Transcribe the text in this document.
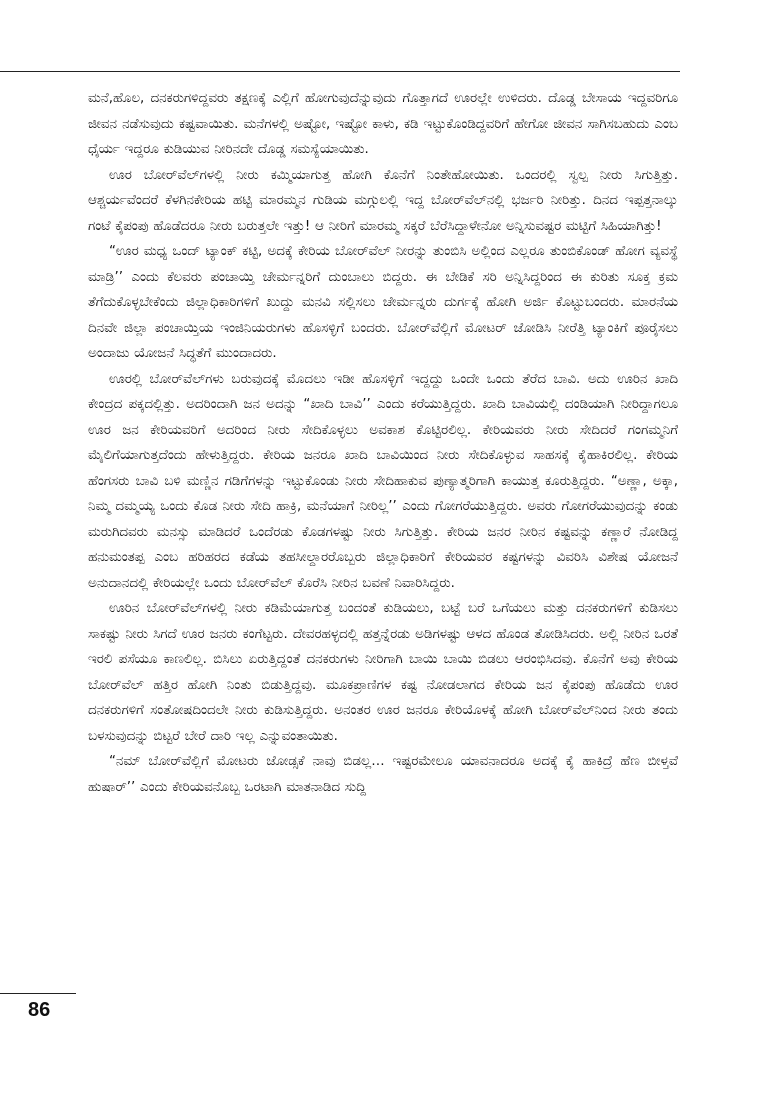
ಮನೆ,ಹೊಲ, ದನಕರುಗಳಿದ್ದವರು ತಕ್ಷಣಕ್ಕೆ ಎಲ್ಲಿಗೆ ಹೋಗುವುದೆನ್ನುವುದು ಗೊತ್ತಾಗದೆ ಊರಲ್ಲೇ ಉಳಿದರು. ದೊಡ್ಡ ಬೇಸಾಯ ಇದ್ದವರಿಗೂ ಜೀವನ ನಡೆಸುವುದು ಕಷ್ಟವಾಯಿತು. ಮನೆಗಳಲ್ಲಿ ಅಷ್ಟೋ, ಇಷ್ಟೋ ಕಾಳು, ಕಡಿ ಇಟ್ಟುಕೊಂಡಿದ್ದವರಿಗೆ ಹೇಗೋ ಜೀವನ ಸಾಗಿಸಬಹುದು ಎಂಬ ಧೈರ್ಯ ಇದ್ದರೂ ಕುಡಿಯುವ ನೀರಿನದೇ ದೊಡ್ಡ ಸಮಸ್ಯೆಯಾಯಿತು.

ಊರ ಬೋರ್‌ವೆಲ್‌ಗಳಲ್ಲಿ ನೀರು ಕಮ್ಮಿಯಾಗುತ್ತ ಹೋಗಿ ಕೊನೆಗೆ ನಿಂತೇಹೋಯಿತು. ಒಂದರಲ್ಲಿ ಸ್ವಲ್ಪ ನೀರು ಸಿಗುತ್ತಿತ್ತು. ಆಶ್ಚರ್ಯವೆಂದರೆ ಕೆಳಗಿನಕೇರಿಯ ಹಟ್ಟಿ ಮಾರಮ್ಮನ ಗುಡಿಯ ಮಗ್ಗುಲಲ್ಲಿ ಇದ್ದ ಬೋರ್‌ವೆಲ್‌ನಲ್ಲಿ ಭರ್ಜರಿ ನೀರಿತ್ತು. ದಿನದ ಇಪ್ಪತ್ತನಾಲ್ಕು ಗಂಟೆ ಕೈಪಂಪು ಹೊಡೆದರೂ ನೀರು ಬರುತ್ತಲೇ ಇತ್ತು! ಆ ನೀರಿಗೆ ಮಾರಮ್ಮ ಸಕ್ಕರೆ ಬೆರೆಸಿದ್ದಾಳೇನೋ ಅನ್ನಿಸುವಷ್ಟರ ಮಟ್ಟಿಗೆ ಸಿಹಿಯಾಗಿತ್ತು!

“ಊರ ಮಧ್ಯ ಒಂದ್ ಟ್ಯಾಂಕ್ ಕಟ್ಟಿ, ಅದಕ್ಕೆ ಕೇರಿಯ ಬೋರ್‌ವೆಲ್ ನೀರನ್ನು ತುಂಬಿಸಿ ಅಲ್ಲಿಂದ ಎಲ್ಲರೂ ತುಂಬಿಕೊಂಡ್ ಹೋಗ ವ್ಯವಸ್ಥೆ ಮಾಡ್ರಿ’’ ಎಂದು ಕೆಲವರು ಪಂಚಾಯ್ತಿ ಚೇರ್ಮನ್ನರಿಗೆ ದುಂಬಾಲು ಬಿದ್ದರು. ಈ ಬೇಡಿಕೆ ಸರಿ ಅನ್ನಿಸಿದ್ದರಿಂದ ಈ ಕುರಿತು ಸೂಕ್ತ ಕ್ರಮ ತೆಗೆದುಕೊಳ್ಳಬೇಕೆಂದು ಜಿಲ್ಲಾಧಿಕಾರಿಗಳಿಗೆ ಖುದ್ದು ಮನವಿ ಸಲ್ಲಿಸಲು ಚೇರ್ಮನ್ನರು ದುರ್ಗಕ್ಕೆ ಹೋಗಿ ಅರ್ಜಿ ಕೊಟ್ಟುಬಂದರು. ಮಾರನೆಯ ದಿನವೇ ಜಿಲ್ಲಾ ಪಂಚಾಯ್ತಿಯ ಇಂಜಿನಿಯರುಗಳು ಹೊಸಳ್ಳಿಗೆ ಬಂದರು. ಬೋರ್‌ವೆಲ್ಲಿಗೆ ಮೋಟರ್ ಜೋಡಿಸಿ ನೀರೆತ್ತಿ ಟ್ಯಾಂಕಿಗೆ ಪೂರೈಸಲು ಅಂದಾಜು ಯೋಜನೆ ಸಿದ್ಧತೆಗೆ ಮುಂದಾದರು.

ಊರಲ್ಲಿ ಬೋರ್‌ವೆಲ್‌ಗಳು ಬರುವುದಕ್ಕೆ ಮೊದಲು ಇಡೀ ಹೊಸಳ್ಳಿಗೆ ಇದ್ದದ್ದು ಒಂದೇ ಒಂದು ತೆರೆದ ಬಾವಿ. ಅದು ಊರಿನ ಖಾದಿ ಕೇಂದ್ರದ ಪಕ್ಕದಲ್ಲಿತ್ತು. ಅದರಿಂದಾಗಿ ಜನ ಅದನ್ನು “ಖಾದಿ ಬಾವಿ’’ ಎಂದು ಕರೆಯುತ್ತಿದ್ದರು. ಖಾದಿ ಬಾವಿಯಲ್ಲಿ ದಂಡಿಯಾಗಿ ನೀರಿದ್ದಾಗಲೂ ಊರ ಜನ ಕೇರಿಯವರಿಗೆ ಅದರಿಂದ ನೀರು ಸೇದಿಕೊಳ್ಳಲು ಅವಕಾಶ ಕೊಟ್ಟಿರಲಿಲ್ಲ. ಕೇರಿಯವರು ನೀರು ಸೇದಿದರೆ ಗಂಗಮ್ಮನಿಗೆ ಮೈಲಿಗೆಯಾಗುತ್ತದೆಂದು ಹೇಳುತ್ತಿದ್ದರು. ಕೇರಿಯ ಜನರೂ ಖಾದಿ ಬಾವಿಯಿಂದ ನೀರು ಸೇದಿಕೊಳ್ಳುವ ಸಾಹಸಕ್ಕೆ ಕೈಹಾಕಿರಲಿಲ್ಲ. ಕೇರಿಯ ಹೆಂಗಸರು ಬಾವಿ ಬಳಿ ಮಣ್ಣಿನ ಗಡಿಗೆಗಳನ್ನು ಇಟ್ಟುಕೊಂಡು ನೀರು ಸೇದಿಹಾಕುವ ಪುಣ್ಯಾತ್ಮರಿಗಾಗಿ ಕಾಯುತ್ತ ಕೂರುತ್ತಿದ್ದರು. “ಅಣ್ಣಾ, ಅಕ್ಕಾ, ನಿಮ್ಮ ದಮ್ಮಯ್ಯ ಒಂದು ಕೊಡ ನೀರು ಸೇದಿ ಹಾಕ್ರಿ, ಮನೆಯಾಗೆ ನೀರಿಲ್ಲ’’ ಎಂದು ಗೋಗರೆಯುತ್ತಿದ್ದರು. ಅವರು ಗೋಗರೆಯುವುದನ್ನು ಕಂಡು ಮರುಗಿದವರು ಮನಸ್ಸು ಮಾಡಿದರೆ ಒಂದೆರಡು ಕೊಡಗಳಷ್ಟು ನೀರು ಸಿಗುತ್ತಿತ್ತು. ಕೇರಿಯ ಜನರ ನೀರಿನ ಕಷ್ಟವನ್ನು ಕಣ್ಣಾರೆ ನೋಡಿದ್ದ ಹನುಮಂತಪ್ಪ ಎಂಬ ಹರಿಹರದ ಕಡೆಯ ತಹಸೀಲ್ದಾರರೊಬ್ಬರು ಜಿಲ್ಲಾಧಿಕಾರಿಗೆ ಕೇರಿಯವರ ಕಷ್ಟಗಳನ್ನು ವಿವರಿಸಿ ವಿಶೇಷ ಯೋಜನೆ ಅನುದಾನದಲ್ಲಿ ಕೇರಿಯಲ್ಲೇ ಒಂದು ಬೋರ್‌ವೆಲ್ ಕೊರೆಸಿ ನೀರಿನ ಬವಣೆ ನಿವಾರಿಸಿದ್ದರು.

ಊರಿನ ಬೋರ್‌ವೆಲ್‌ಗಳಲ್ಲಿ ನೀರು ಕಡಿಮೆಯಾಗುತ್ತ ಬಂದಂತೆ ಕುಡಿಯಲು, ಬಟ್ಟೆ ಬರೆ ಒಗೆಯಲು ಮತ್ತು ದನಕರುಗಳಿಗೆ ಕುಡಿಸಲು ಸಾಕಷ್ಟು ನೀರು ಸಿಗದೆ ಊರ ಜನರು ಕಂಗೆಟ್ಟರು. ದೇವರಹಳ್ಳದಲ್ಲಿ ಹತ್ತನ್ನೆರಡು ಅಡಿಗಳಷ್ಟು ಆಳದ ಹೊಂಡ ತೋಡಿಸಿದರು. ಅಲ್ಲಿ ನೀರಿನ ಒರತೆ ಇರಲಿ ಪಸೆಯೂ ಕಾಣಲಿಲ್ಲ. ಬಿಸಿಲು ಏರುತ್ತಿದ್ದಂತೆ ದನಕರುಗಳು ನೀರಿಗಾಗಿ ಬಾಯಿ ಬಾಯಿ ಬಿಡಲು ಆರಂಭಿಸಿದವು. ಕೊನೆಗೆ ಅವು ಕೇರಿಯ ಬೋರ್‌ವೆಲ್ ಹತ್ತಿರ ಹೋಗಿ ನಿಂತು ಬಿಡುತ್ತಿದ್ದವು. ಮೂಕಪ್ರಾಣಿಗಳ ಕಷ್ಟ ನೋಡಲಾಗದ ಕೇರಿಯ ಜನ ಕೈಪಂಪು ಹೊಡೆದು ಊರ ದನಕರುಗಳಿಗೆ ಸಂತೋಷದಿಂದಲೇ ನೀರು ಕುಡಿಸುತ್ತಿದ್ದರು. ಅನಂತರ ಊರ ಜನರೂ ಕೇರಿಯೊಳಕ್ಕೆ ಹೋಗಿ ಬೋರ್‌ವೆಲ್‌ನಿಂದ ನೀರು ತಂದು ಬಳಸುವುದನ್ನು ಬಿಟ್ಟರೆ ಬೇರೆ ದಾರಿ ಇಲ್ಲ ಎನ್ನುವಂತಾಯಿತು.

“ನಮ್ ಬೋರ್‌ವೆಲ್ಲಿಗೆ ಮೋಟರು ಜೋಡ್ಸಕೆ ನಾವು ಬಿಡಲ್ಲ… ಇಷ್ಟರಮೇಲೂ ಯಾವನಾದರೂ ಅದಕ್ಕೆ ಕೈ ಹಾಕಿದ್ರೆ ಹೆಣ ಬೀಳ್ತವೆ ಹುಷಾರ್’’ ಎಂದು ಕೇರಿಯವನೊಬ್ಬ ಒರಟಾಗಿ ಮಾತನಾಡಿದ ಸುದ್ದಿ

86
